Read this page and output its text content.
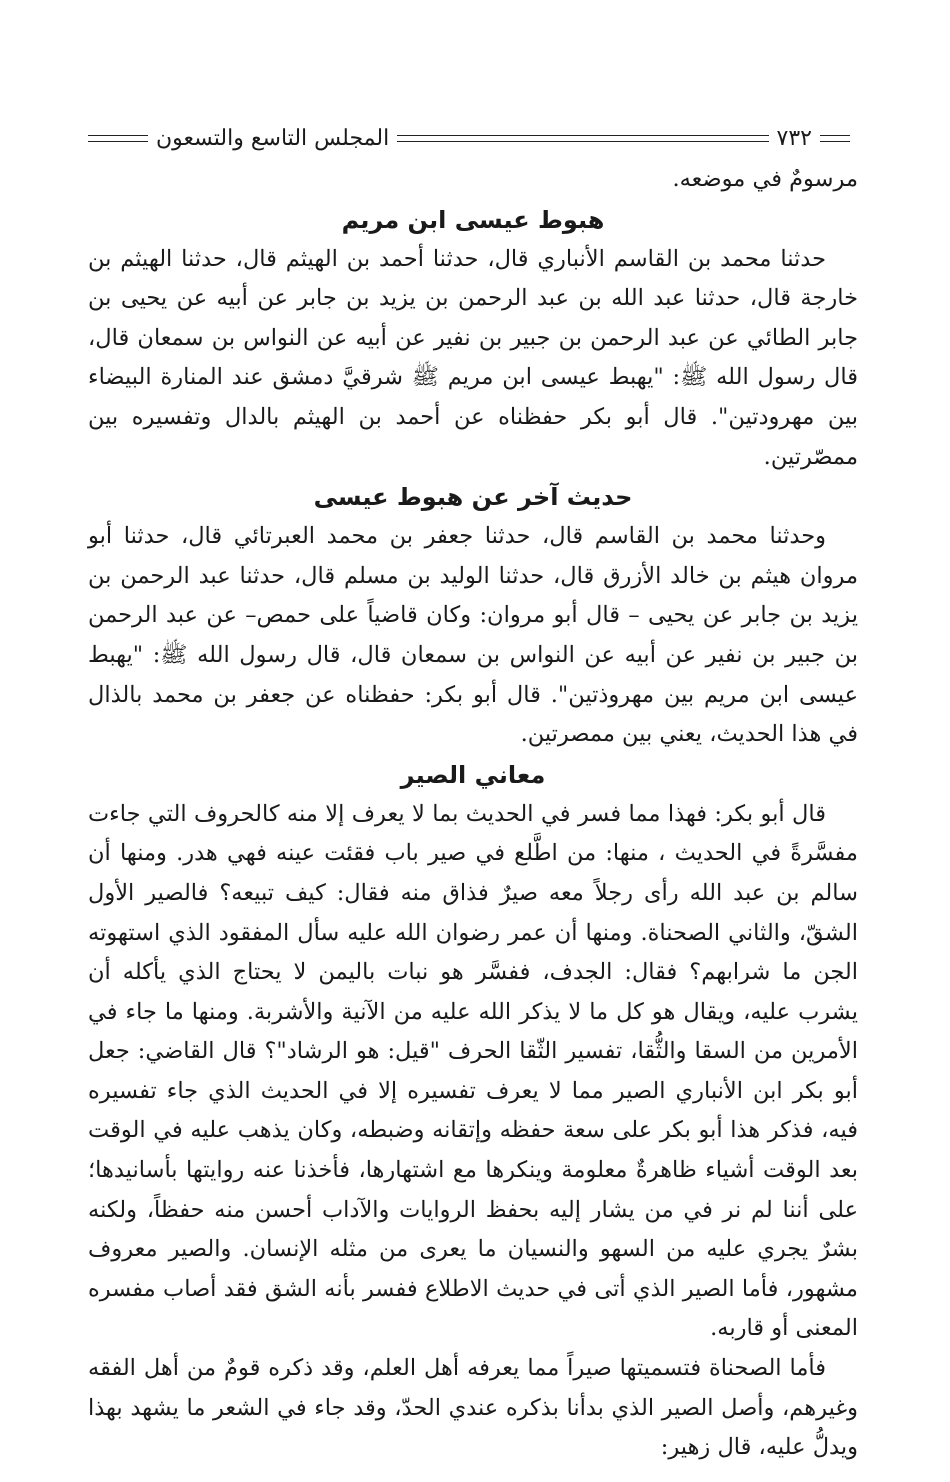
٧٣٢
المجلس التاسع والتسعون

مرسومٌ في موضعه.

هبوط عيسى ابن مريم

حدثنا محمد بن القاسم الأنباري قال، حدثنا أحمد بن الهيثم قال، حدثنا الهيثم بن خارجة قال، حدثنا عبد الله بن عبد الرحمن بن يزيد بن جابر عن أبيه عن يحيى بن جابر الطائي عن عبد الرحمن بن جبير بن نفير عن أبيه عن النواس بن سمعان قال، قال رسول الله ﷺ: "يهبط عيسى ابن مريم ﷺ شرقيَّ دمشق عند المنارة البيضاء بين مهرودتين". قال أبو بكر حفظناه عن أحمد بن الهيثم بالدال وتفسيره بين ممصّرتين.

حديث آخر عن هبوط عيسى

وحدثنا محمد بن القاسم قال، حدثنا جعفر بن محمد العبرتائي قال، حدثنا أبو مروان هيثم بن خالد الأزرق قال، حدثنا الوليد بن مسلم قال، حدثنا عبد الرحمن بن يزيد بن جابر عن يحيى – قال أبو مروان: وكان قاضياً على حمص– عن عبد الرحمن بن جبير بن نفير عن أبيه عن النواس بن سمعان قال، قال رسول الله ﷺ: "يهبط عيسى ابن مريم بين مهروذتين". قال أبو بكر: حفظناه عن جعفر بن محمد بالذال في هذا الحديث، يعني بين ممصرتين.

معاني الصير

قال أبو بكر: فهذا مما فسر في الحديث بما لا يعرف إلا منه كالحروف التي جاءت مفسَّرةً في الحديث ، منها: من اطَّلع في صير باب فقئت عينه فهي هدر. ومنها أن سالم بن عبد الله رأى رجلاً معه صيرٌ فذاق منه فقال: كيف تبيعه؟ فالصير الأول الشقّ، والثاني الصحناة. ومنها أن عمر رضوان الله عليه سأل المفقود الذي استهوته الجن ما شرابهم؟ فقال: الجدف، ففسَّر هو نبات باليمن لا يحتاج الذي يأكله أن يشرب عليه، ويقال هو كل ما لا يذكر الله عليه من الآنية والأشربة. ومنها ما جاء في الأمرين من السقا والثُّقا، تفسير الثّقا الحرف "قيل: هو الرشاد"؟ قال القاضي: جعل أبو بكر ابن الأنباري الصير مما لا يعرف تفسيره إلا في الحديث الذي جاء تفسيره فيه، فذكر هذا أبو بكر على سعة حفظه وإتقانه وضبطه، وكان يذهب عليه في الوقت بعد الوقت أشياء ظاهرةٌ معلومة وينكرها مع اشتهارها، فأخذنا عنه روايتها بأسانيدها؛ على أننا لم نر في من يشار إليه بحفظ الروايات والآداب أحسن منه حفظاً، ولكنه بشرٌ يجري عليه من السهو والنسيان ما يعرى من مثله الإنسان. والصير معروف مشهور، فأما الصير الذي أتى في حديث الاطلاع ففسر بأنه الشق فقد أصاب مفسره المعنى أو قاربه.

فأما الصحناة فتسميتها صيراً مما يعرفه أهل العلم، وقد ذكره قومٌ من أهل الفقه وغيرهم، وأصل الصير الذي بدأنا بذكره عندي الحدّ، وقد جاء في الشعر ما يشهد بهذا ويدلُّ عليه، قال زهير:
